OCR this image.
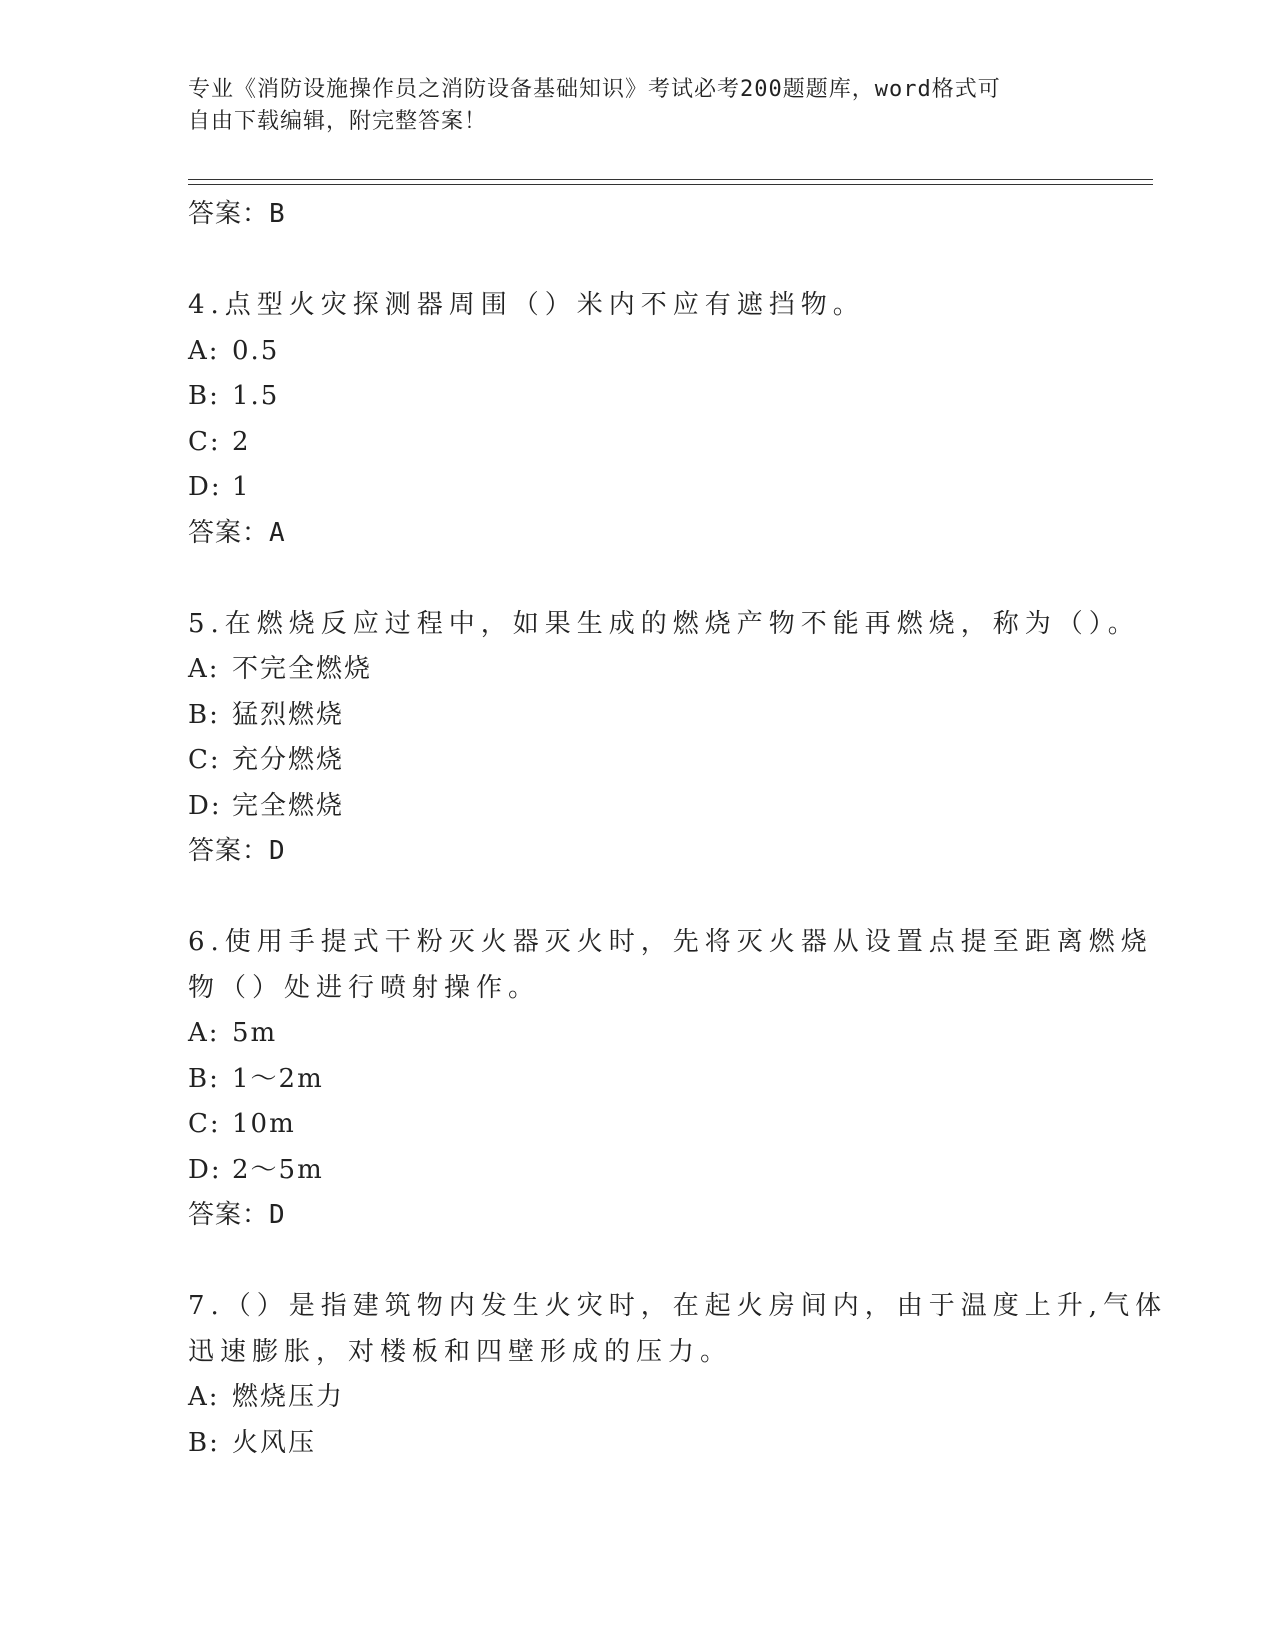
专业《消防设施操作员之消防设备基础知识》考试必考200题题库，word格式可
自由下载编辑，附完整答案！
答案：B
4.点型火灾探测器周围（）米内不应有遮挡物。
A: 0.5
B: 1.5
C: 2
D: 1
答案：A
5.在燃烧反应过程中，如果生成的燃烧产物不能再燃烧，称为（）。
A: 不完全燃烧
B: 猛烈燃烧
C: 充分燃烧
D: 完全燃烧
答案：D
6.使用手提式干粉灭火器灭火时，先将灭火器从设置点提至距离燃烧
物（）处进行喷射操作。
A: 5m
B: 1～2m
C: 10m
D: 2～5m
答案：D
7.（）是指建筑物内发生火灾时，在起火房间内，由于温度上升,气体
迅速膨胀，对楼板和四壁形成的压力。
A: 燃烧压力
B: 火风压
